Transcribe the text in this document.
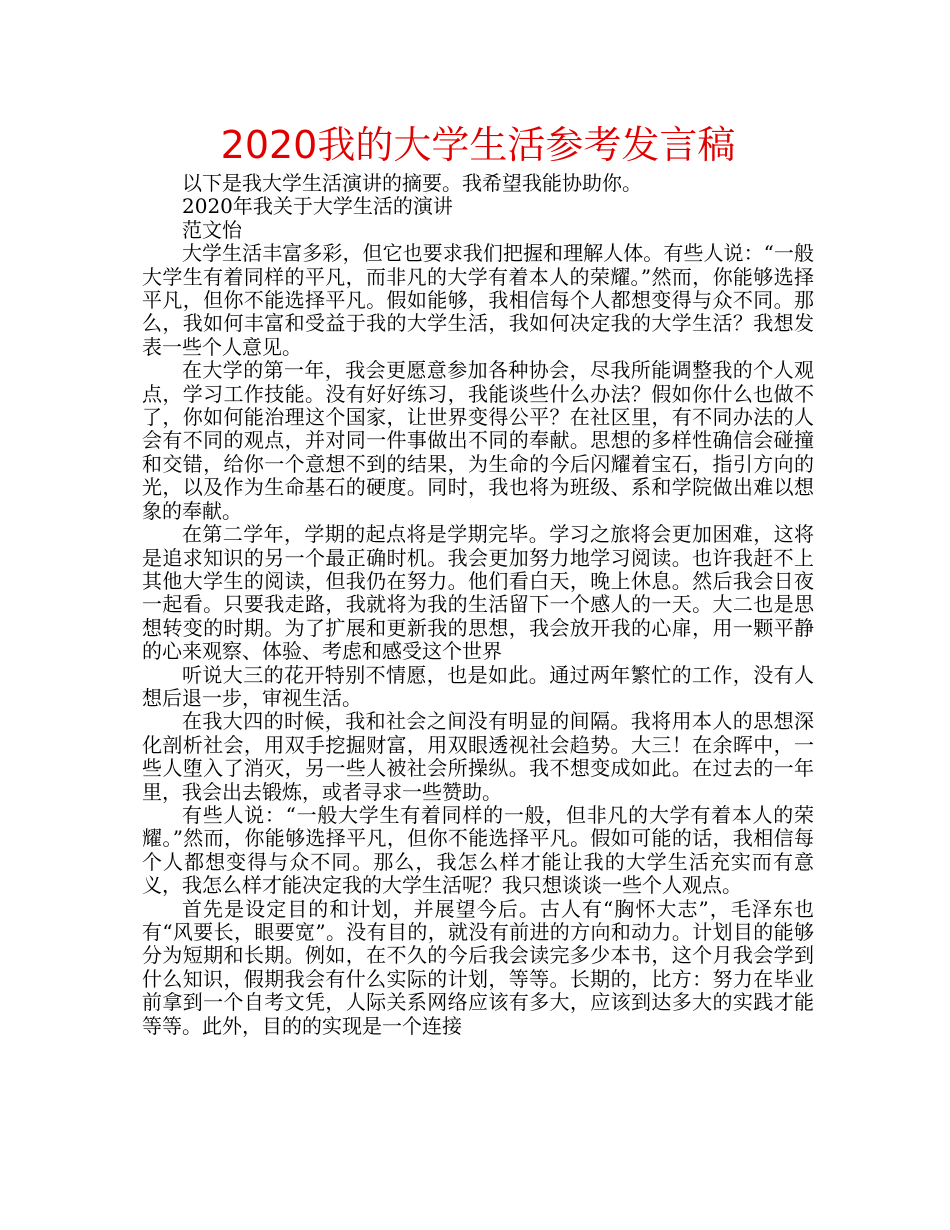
2020我的大学生活参考发言稿

以下是我大学生活演讲的摘要。我希望我能协助你。

2020年我关于大学生活的演讲

范文怡

大学生活丰富多彩，但它也要求我们把握和理解人体。有些人说：“一般大学生有着同样的平凡，而非凡的大学有着本人的荣耀。”然而，你能够选择平凡，但你不能选择平凡。假如能够，我相信每个人都想变得与众不同。那么，我如何丰富和受益于我的大学生活，我如何决定我的大学生活？我想发表一些个人意见。

在大学的第一年，我会更愿意参加各种协会，尽我所能调整我的个人观点，学习工作技能。没有好好练习，我能谈些什么办法？假如你什么也做不了，你如何能治理这个国家，让世界变得公平？在社区里，有不同办法的人会有不同的观点，并对同一件事做出不同的奉献。思想的多样性确信会碰撞和交错，给你一个意想不到的结果，为生命的今后闪耀着宝石，指引方向的光，以及作为生命基石的硬度。同时，我也将为班级、系和学院做出难以想象的奉献。

在第二学年，学期的起点将是学期完毕。学习之旅将会更加困难，这将是追求知识的另一个最正确时机。我会更加努力地学习阅读。也许我赶不上其他大学生的阅读，但我仍在努力。他们看白天，晚上休息。然后我会日夜一起看。只要我走路，我就将为我的生活留下一个感人的一天。大二也是思想转变的时期。为了扩展和更新我的思想，我会放开我的心扉，用一颗平静的心来观察、体验、考虑和感受这个世界

听说大三的花开特别不情愿，也是如此。通过两年繁忙的工作，没有人想后退一步，审视生活。

在我大四的时候，我和社会之间没有明显的间隔。我将用本人的思想深化剖析社会，用双手挖掘财富，用双眼透视社会趋势。大三！在余晖中，一些人堕入了消灭，另一些人被社会所操纵。我不想变成如此。在过去的一年里，我会出去锻炼，或者寻求一些赞助。

有些人说：“一般大学生有着同样的一般，但非凡的大学有着本人的荣耀。”然而，你能够选择平凡，但你不能选择平凡。假如可能的话，我相信每个人都想变得与众不同。那么，我怎么样才能让我的大学生活充实而有意义，我怎么样才能决定我的大学生活呢？我只想谈谈一些个人观点。

首先是设定目的和计划，并展望今后。古人有“胸怀大志”，毛泽东也有“风要长，眼要宽”。没有目的，就没有前进的方向和动力。计划目的能够分为短期和长期。例如，在不久的今后我会读完多少本书，这个月我会学到什么知识，假期我会有什么实际的计划，等等。长期的，比方：努力在毕业前拿到一个自考文凭，人际关系网络应该有多大，应该到达多大的实践才能等等。此外，目的的实现是一个连接
